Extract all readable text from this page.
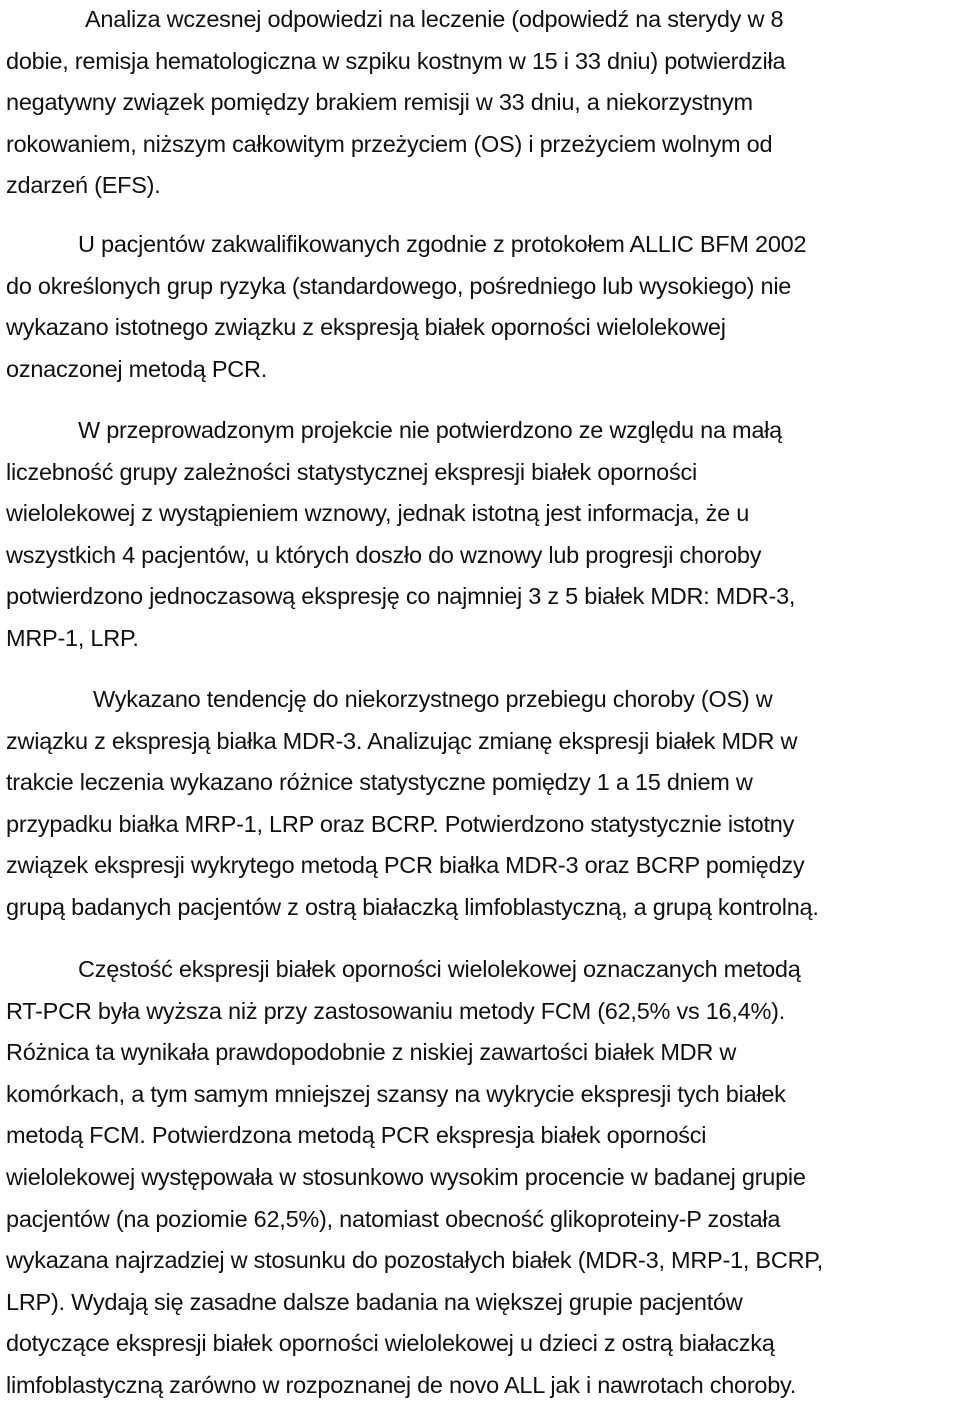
Analiza wczesnej odpowiedzi na leczenie (odpowiedź na sterydy w 8
dobie, remisja hematologiczna w szpiku kostnym w 15 i 33 dniu) potwierdziła
negatywny związek pomiędzy brakiem remisji w 33 dniu, a niekorzystnym
rokowaniem, niższym całkowitym przeżyciem (OS) i przeżyciem wolnym od
zdarzeń (EFS).

U pacjentów zakwalifikowanych zgodnie z protokołem ALLIC BFM 2002
do określonych grup ryzyka (standardowego, pośredniego lub wysokiego) nie
wykazano istotnego związku z ekspresją białek oporności wielolekowej
oznaczonej metodą PCR.

W przeprowadzonym projekcie nie potwierdzono ze względu na małą
liczebność grupy zależności statystycznej ekspresji białek oporności
wielolekowej z wystąpieniem wznowy, jednak istotną jest informacja, że u
wszystkich 4 pacjentów, u których doszło do wznowy lub progresji choroby
potwierdzono jednoczasową ekspresję co najmniej 3 z 5 białek MDR: MDR-3,
MRP-1, LRP.

Wykazano tendencję do niekorzystnego przebiegu choroby (OS) w
związku z ekspresją białka MDR-3. Analizując zmianę ekspresji białek MDR w
trakcie leczenia wykazano różnice statystyczne pomiędzy 1 a 15 dniem w
przypadku białka MRP-1, LRP oraz BCRP. Potwierdzono statystycznie istotny
związek ekspresji wykrytego metodą PCR białka MDR-3 oraz BCRP pomiędzy
grupą badanych pacjentów z ostrą białaczką limfoblastyczną, a grupą kontrolną.

Częstość ekspresji białek oporności wielolekowej oznaczanych metodą
RT-PCR była wyższa niż przy zastosowaniu metody FCM (62,5% vs 16,4%).
Różnica ta wynikała prawdopodobnie z niskiej zawartości białek MDR w
komórkach, a tym samym mniejszej szansy na wykrycie ekspresji tych białek
metodą FCM. Potwierdzona metodą PCR ekspresja białek oporności
wielolekowej występowała w stosunkowo wysokim procencie w badanej grupie
pacjentów (na poziomie 62,5%), natomiast obecność glikoproteiny-P została
wykazana najrzadziej w stosunku do pozostałych białek (MDR-3, MRP-1, BCRP,
LRP). Wydają się zasadne dalsze badania na większej grupie pacjentów
dotyczące ekspresji białek oporności wielolekowej u dzieci z ostrą białaczką
limfoblastyczną zarówno w rozpoznanej de novo ALL jak i nawrotach choroby.
